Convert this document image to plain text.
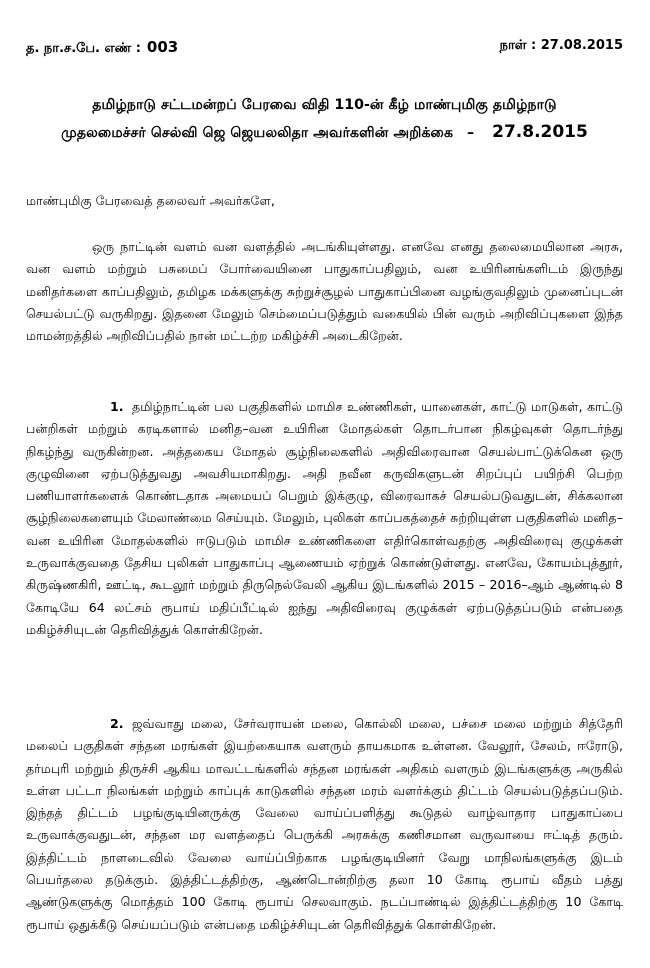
த. நா.ச.பே. எண் : 003	நாள் : 27.08.2015
தமிழ்நாடு சட்டமன்றப் பேரவை விதி 110-ன் கீழ் மாண்புமிகு தமிழ்நாடு
முதலமைச்சர் செல்வி ஜெ ஜெயலலிதா அவர்களின் அறிக்கை – 27.8.2015
மாண்புமிகு பேரவைத் தலைவர் அவர்களே,
ஒரு நாட்டின் வளம் வன வளத்தில் அடங்கியுள்ளது. எனவே எனது தலைமையிலான அரசு, வன வளம் மற்றும் பசுமைப் போர்வையினை பாதுகாப்பதிலும், வன உயிரினங்களிடம் இருந்து மனிதர்களை காப்பதிலும், தமிழக மக்களுக்கு சுற்றுச்சூழல் பாதுகாப்பினை வழங்குவதிலும் முனைப்புடன் செயல்பட்டு வருகிறது. இதனை மேலும் செம்மைப்படுத்தும் வகையில் பின் வரும் அறிவிப்புகளை இந்த மாமன்றத்தில் அறிவிப்பதில் நான் மட்டற்ற மகிழ்ச்சி அடைகிறேன்.
1. தமிழ்நாட்டின் பல பகுதிகளில் மாமிச உண்ணிகள், யானைகள், காட்டு மாடுகள், காட்டு பன்றிகள் மற்றும் கரடிகளால் மனித–வன உயிரின மோதல்கள் தொடர்பான நிகழ்வுகள் தொடர்ந்து நிகழ்ந்து வருகின்றன. அத்தகைய மோதல் சூழ்நிலைகளில் அதிவிரைவான செயல்பாட்டுக்கென ஒரு குழுவினை ஏற்படுத்துவது அவசியமாகிறது. அதி நவீன கருவிகளுடன் சிறப்புப் பயிற்சி பெற்ற பணியாளர்களைக் கொண்டதாக அமையப் பெறும் இக்குழு, விரைவாகச் செயல்படுவதுடன், சிக்கலான சூழ்நிலைகளையும் மேலாண்மை செய்யும். மேலும், புலிகள் காப்பகத்தைச் சுற்றியுள்ள பகுதிகளில் மனித–வன உயிரின மோதல்களில் ஈடுபடும் மாமிச உண்ணிகளை எதிர்கொள்வதற்கு அதிவிரைவு குழுக்கள் உருவாக்குவதை தேசிய புலிகள் பாதுகாப்பு ஆணையம் ஏற்றுக் கொண்டுள்ளது. எனவே, கோயம்புத்தூர், கிருஷ்ணகிரி, ஊட்டி, கூடலூர் மற்றும் திருநெல்வேலி ஆகிய இடங்களில் 2015 – 2016–ஆம் ஆண்டில் 8 கோடியே 64 லட்சம் ரூபாய் மதிப்பீட்டில் ஐந்து அதிவிரைவு குழுக்கள் ஏற்படுத்தப்படும் என்பதை மகிழ்ச்சியுடன் தெரிவித்துக் கொள்கிறேன்.
2. ஜவ்வாது மலை, சேர்வராயன் மலை, கொல்லி மலை, பச்சை மலை மற்றும் சித்தேரி மலைப் பகுதிகள் சந்தன மரங்கள் இயற்கையாக வளரும் தாயகமாக உள்ளன. வேலூர், சேலம், ஈரோடு, தர்மபுரி மற்றும் திருச்சி ஆகிய மாவட்டங்களில் சந்தன மரங்கள் அதிகம் வளரும் இடங்களுக்கு அருகில் உள்ள பட்டா நிலங்கள் மற்றும் காப்புக் காடுகளில் சந்தன மரம் வளர்க்கும் திட்டம் செயல்படுத்தப்படும். இந்தத் திட்டம் பழங்குடியினருக்கு வேலை வாய்ப்பளித்து கூடுதல் வாழ்வாதார பாதுகாப்பை உருவாக்குவதுடன், சந்தன மர வளத்தைப் பெருக்கி அரசுக்கு கணிசமான வருவாயை ஈட்டித் தரும். இத்திட்டம் நாளடைவில் வேலை வாய்ப்பிற்காக பழங்குடியினர் வேறு மாநிலங்களுக்கு இடம் பெயர்தலை தடுக்கும். இத்திட்டத்திற்கு, ஆண்டொன்றிற்கு தலா 10 கோடி ரூபாய் வீதம் பத்து ஆண்டுகளுக்கு மொத்தம் 100 கோடி ரூபாய் செலவாகும். நடப்பாண்டில் இத்திட்டத்திற்கு 10 கோடி ரூபாய் ஒதுக்கீடு செய்யப்படும் என்பதை மகிழ்ச்சியுடன் தெரிவித்துக் கொள்கிறேன்.
